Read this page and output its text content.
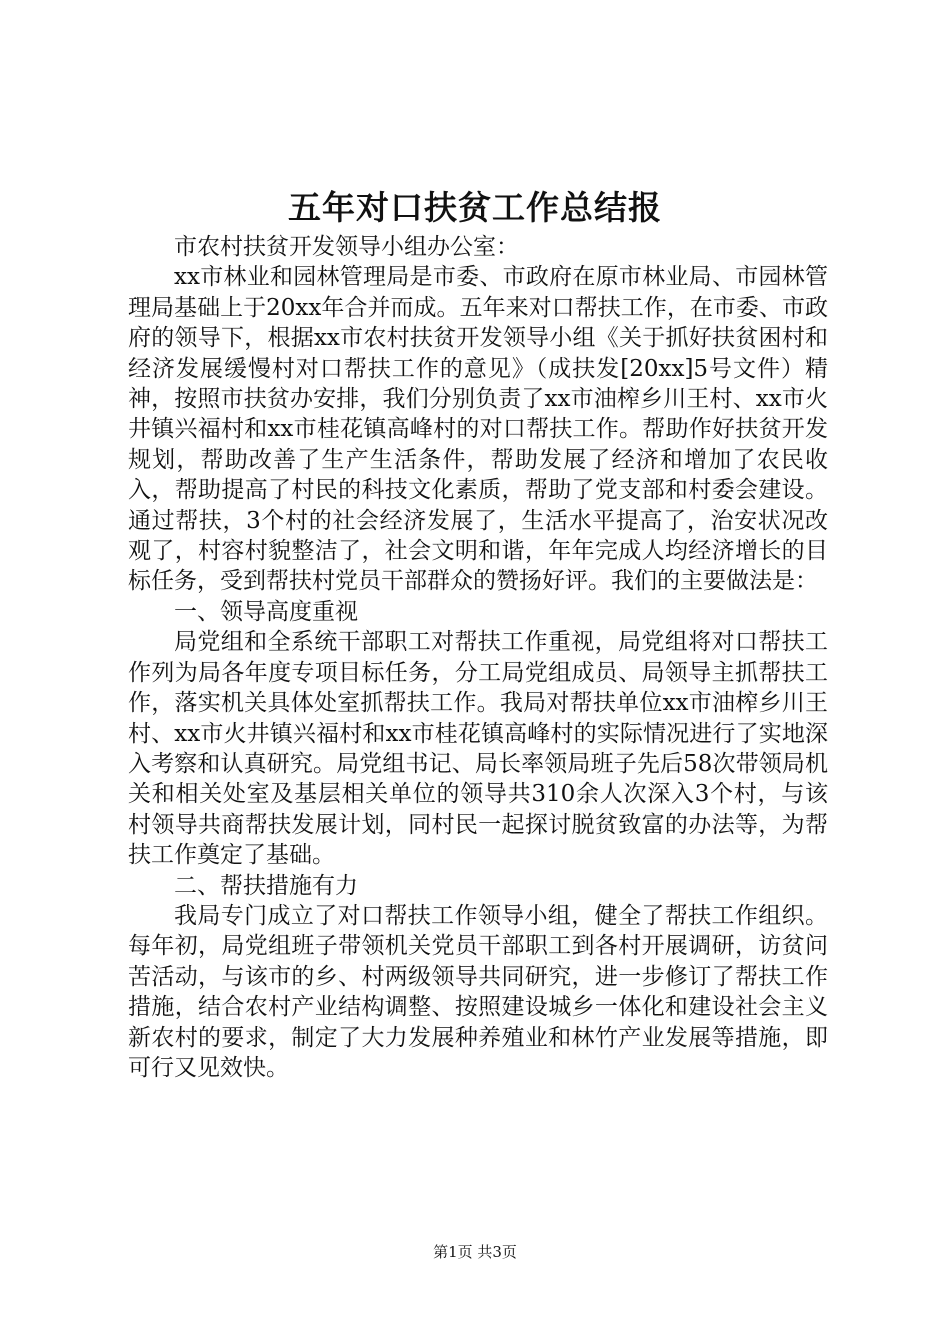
五年对口扶贫工作总结报

市农村扶贫开发领导小组办公室：

xx市林业和园林管理局是市委、市政府在原市林业局、市园林管理局基础上于20xx年合并而成。五年来对口帮扶工作，在市委、市政府的领导下，根据xx市农村扶贫开发领导小组《关于抓好扶贫困村和经济发展缓慢村对口帮扶工作的意见》（成扶发[20xx]5号文件）精神，按照市扶贫办安排，我们分别负责了xx市油榨乡川王村、xx市火井镇兴福村和xx市桂花镇高峰村的对口帮扶工作。帮助作好扶贫开发规划，帮助改善了生产生活条件，帮助发展了经济和增加了农民收入，帮助提高了村民的科技文化素质，帮助了党支部和村委会建设。通过帮扶，3个村的社会经济发展了，生活水平提高了，治安状况改观了，村容村貌整洁了，社会文明和谐，年年完成人均经济增长的目标任务，受到帮扶村党员干部群众的赞扬好评。我们的主要做法是：

一、领导高度重视

局党组和全系统干部职工对帮扶工作重视，局党组将对口帮扶工作列为局各年度专项目标任务，分工局党组成员、局领导主抓帮扶工作，落实机关具体处室抓帮扶工作。我局对帮扶单位xx市油榨乡川王村、xx市火井镇兴福村和xx市桂花镇高峰村的实际情况进行了实地深入考察和认真研究。局党组书记、局长率领局班子先后58次带领局机关和相关处室及基层相关单位的领导共310余人次深入3个村，与该村领导共商帮扶发展计划，同村民一起探讨脱贫致富的办法等，为帮扶工作奠定了基础。

二、帮扶措施有力

我局专门成立了对口帮扶工作领导小组，健全了帮扶工作组织。每年初，局党组班子带领机关党员干部职工到各村开展调研，访贫问苦活动，与该市的乡、村两级领导共同研究，进一步修订了帮扶工作措施，结合农村产业结构调整、按照建设城乡一体化和建设社会主义新农村的要求，制定了大力发展种养殖业和林竹产业发展等措施，即可行又见效快。

第1页 共3页
